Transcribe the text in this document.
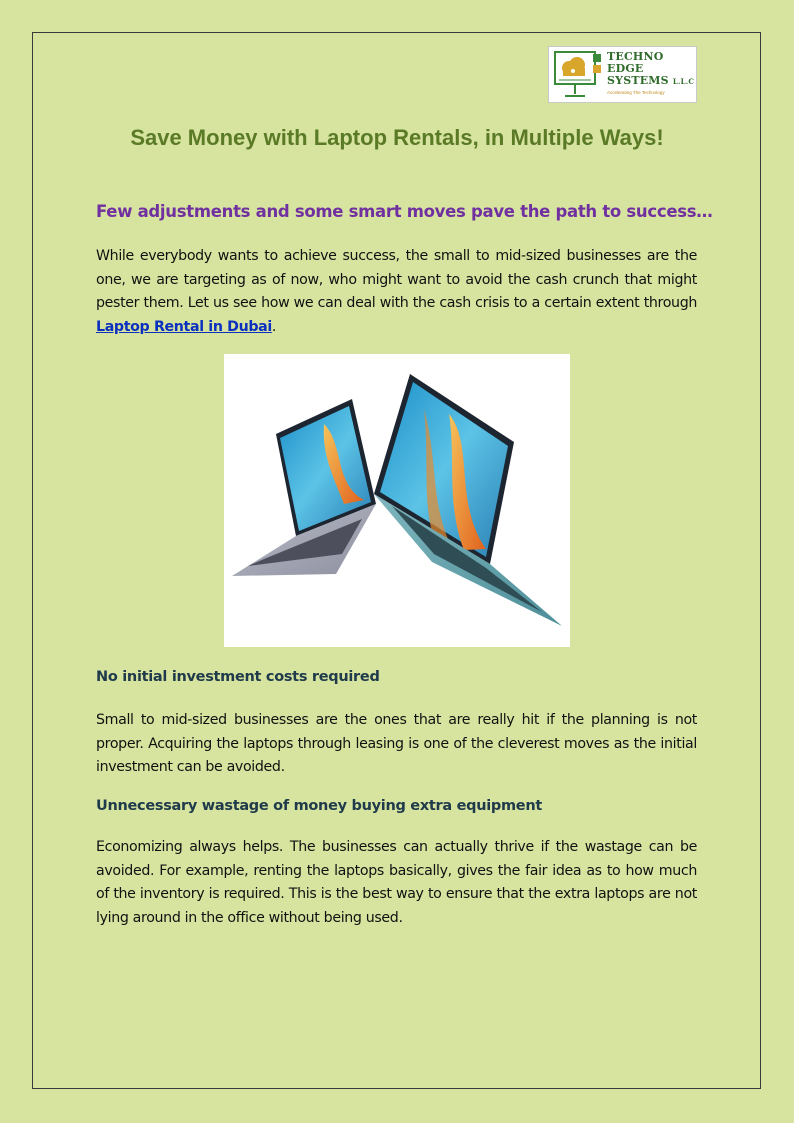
TECHNO
EDGE
SYSTEMS L.L.C
Accelerating The Technology
Save Money with Laptop Rentals, in Multiple Ways!
Few adjustments and some smart moves pave the path to success…

While everybody wants to achieve success, the small to mid-sized businesses are the one, we are targeting as of now, who might want to avoid the cash crunch that might pester them. Let us see how we can deal with the cash crisis to a certain extent through Laptop Rental in Dubai.

No initial investment costs required

Small to mid-sized businesses are the ones that are really hit if the planning is not proper. Acquiring the laptops through leasing is one of the cleverest moves as the initial investment can be avoided.

Unnecessary wastage of money buying extra equipment

Economizing always helps. The businesses can actually thrive if the wastage can be avoided. For example, renting the laptops basically, gives the fair idea as to how much of the inventory is required. This is the best way to ensure that the extra laptops are not lying around in the office without being used.
